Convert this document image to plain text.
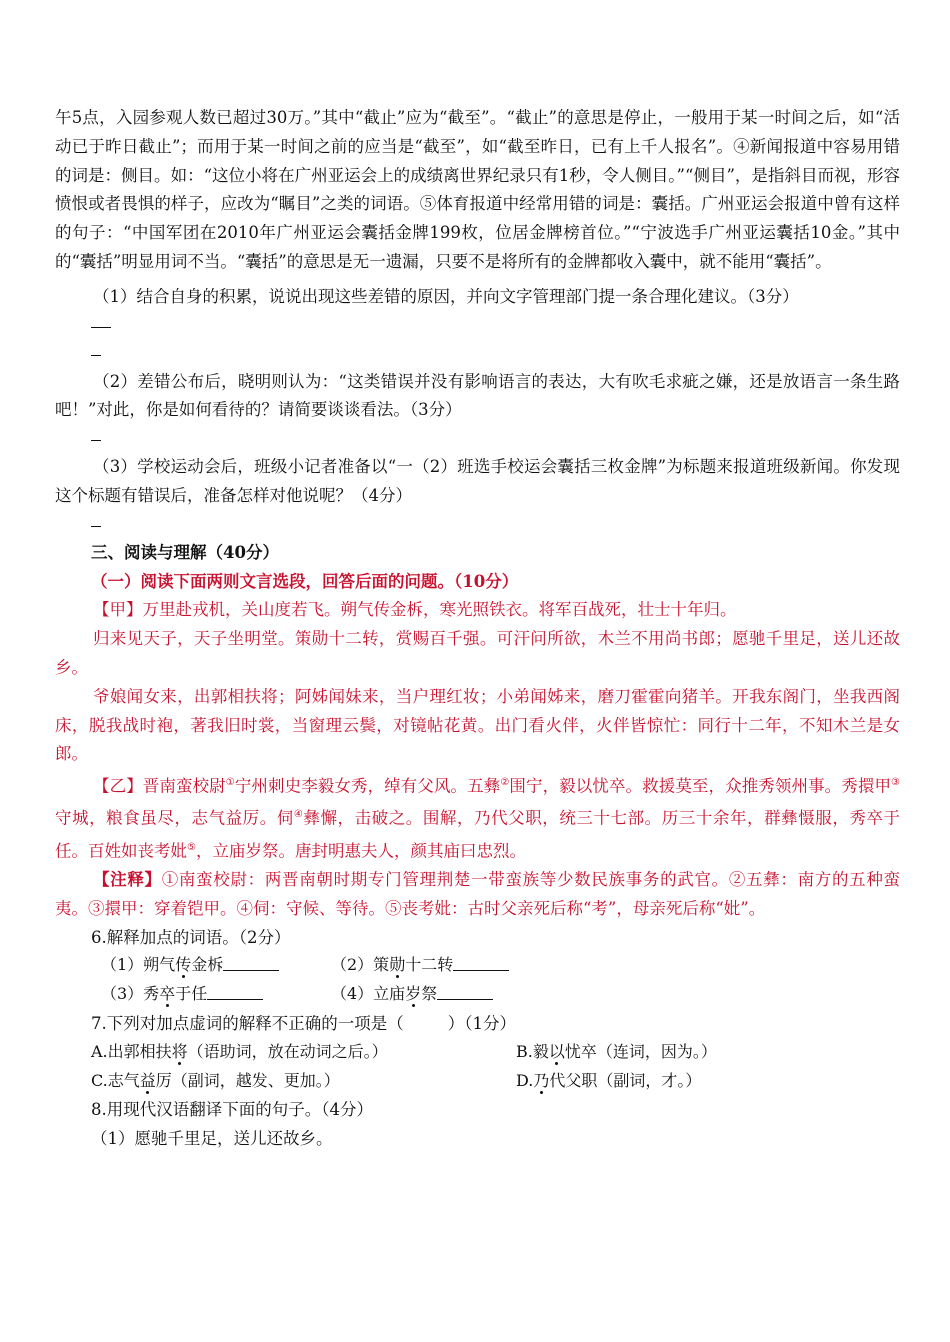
午5点，入园参观人数已超过30万。”其中“截止”应为“截至”。“截止”的意思是停止，一般用于某一时间之后，如“活动已于昨日截止”；而用于某一时间之前的应当是“截至”，如“截至昨日，已有上千人报名”。④新闻报道中容易用错的词是：侧目。如：“这位小将在广州亚运会上的成绩离世界纪录只有1秒，令人侧目。”“侧目”，是指斜目而视，形容愤恨或者畏惧的样子，应改为“瞩目”之类的词语。⑤体育报道中经常用错的词是：囊括。广州亚运会报道中曾有这样的句子：“中国军团在2010年广州亚运会囊括金牌199枚，位居金牌榜首位。”“宁波选手广州亚运囊括10金。”其中的“囊括”明显用词不当。“囊括”的意思是无一遗漏，只要不是将所有的金牌都收入囊中，就不能用“囊括”。

（1）结合自身的积累，说说出现这些差错的原因，并向文字管理部门提一条合理化建议。（3分）

（2）差错公布后，晓明则认为：“这类错误并没有影响语言的表达，大有吹毛求疵之嫌，还是放语言一条生路吧！”对此，你是如何看待的？请简要谈谈看法。（3分）

（3）学校运动会后，班级小记者准备以“一（2）班选手校运会囊括三枚金牌”为标题来报道班级新闻。你发现这个标题有错误后，准备怎样对他说呢？（4分）

三、阅读与理解（40分）

（一）阅读下面两则文言选段，回答后面的问题。（10分）

【甲】万里赴戎机，关山度若飞。朔气传金柝，寒光照铁衣。将军百战死，壮士十年归。

归来见天子，天子坐明堂。策勋十二转，赏赐百千强。可汗问所欲，木兰不用尚书郎；愿驰千里足，送儿还故乡。

爷娘闻女来，出郭相扶将；阿姊闻妹来，当户理红妆；小弟闻姊来，磨刀霍霍向猪羊。开我东阁门，坐我西阁床，脱我战时袍，著我旧时裳，当窗理云鬓，对镜帖花黄。出门看火伴，火伴皆惊忙：同行十二年，不知木兰是女郎。

【乙】晋南蛮校尉①宁州刺史李毅女秀，绰有父风。五彝②围宁，毅以忧卒。救援莫至，众推秀领州事。秀擐甲③守城，粮食虽尽，志气益厉。伺④彝懈，击破之。围解，乃代父职，统三十七部。历三十余年，群彝慑服，秀卒于任。百姓如丧考妣⑤，立庙岁祭。唐封明惠夫人，颜其庙曰忠烈。

【注释】①南蛮校尉：两晋南朝时期专门管理荆楚一带蛮族等少数民族事务的武官。②五彝：南方的五种蛮夷。③擐甲：穿着铠甲。④伺：守候、等待。⑤丧考妣：古时父亲死后称“考”，母亲死后称“妣”。

6.解释加点的词语。（2分）

（1）朔气传金柝	（2）策勋十二转
（3）秀卒于任	（4）立庙岁祭

7.下列对加点虚词的解释不正确的一项是（	）（1分）

A.出郭相扶将（语助词，放在动词之后。）	B.毅以忧卒（连词，因为。）
C.志气益厉（副词，越发、更加。）	D.乃代父职（副词，才。）

8.用现代汉语翻译下面的句子。（4分）

（1）愿驰千里足，送儿还故乡。
